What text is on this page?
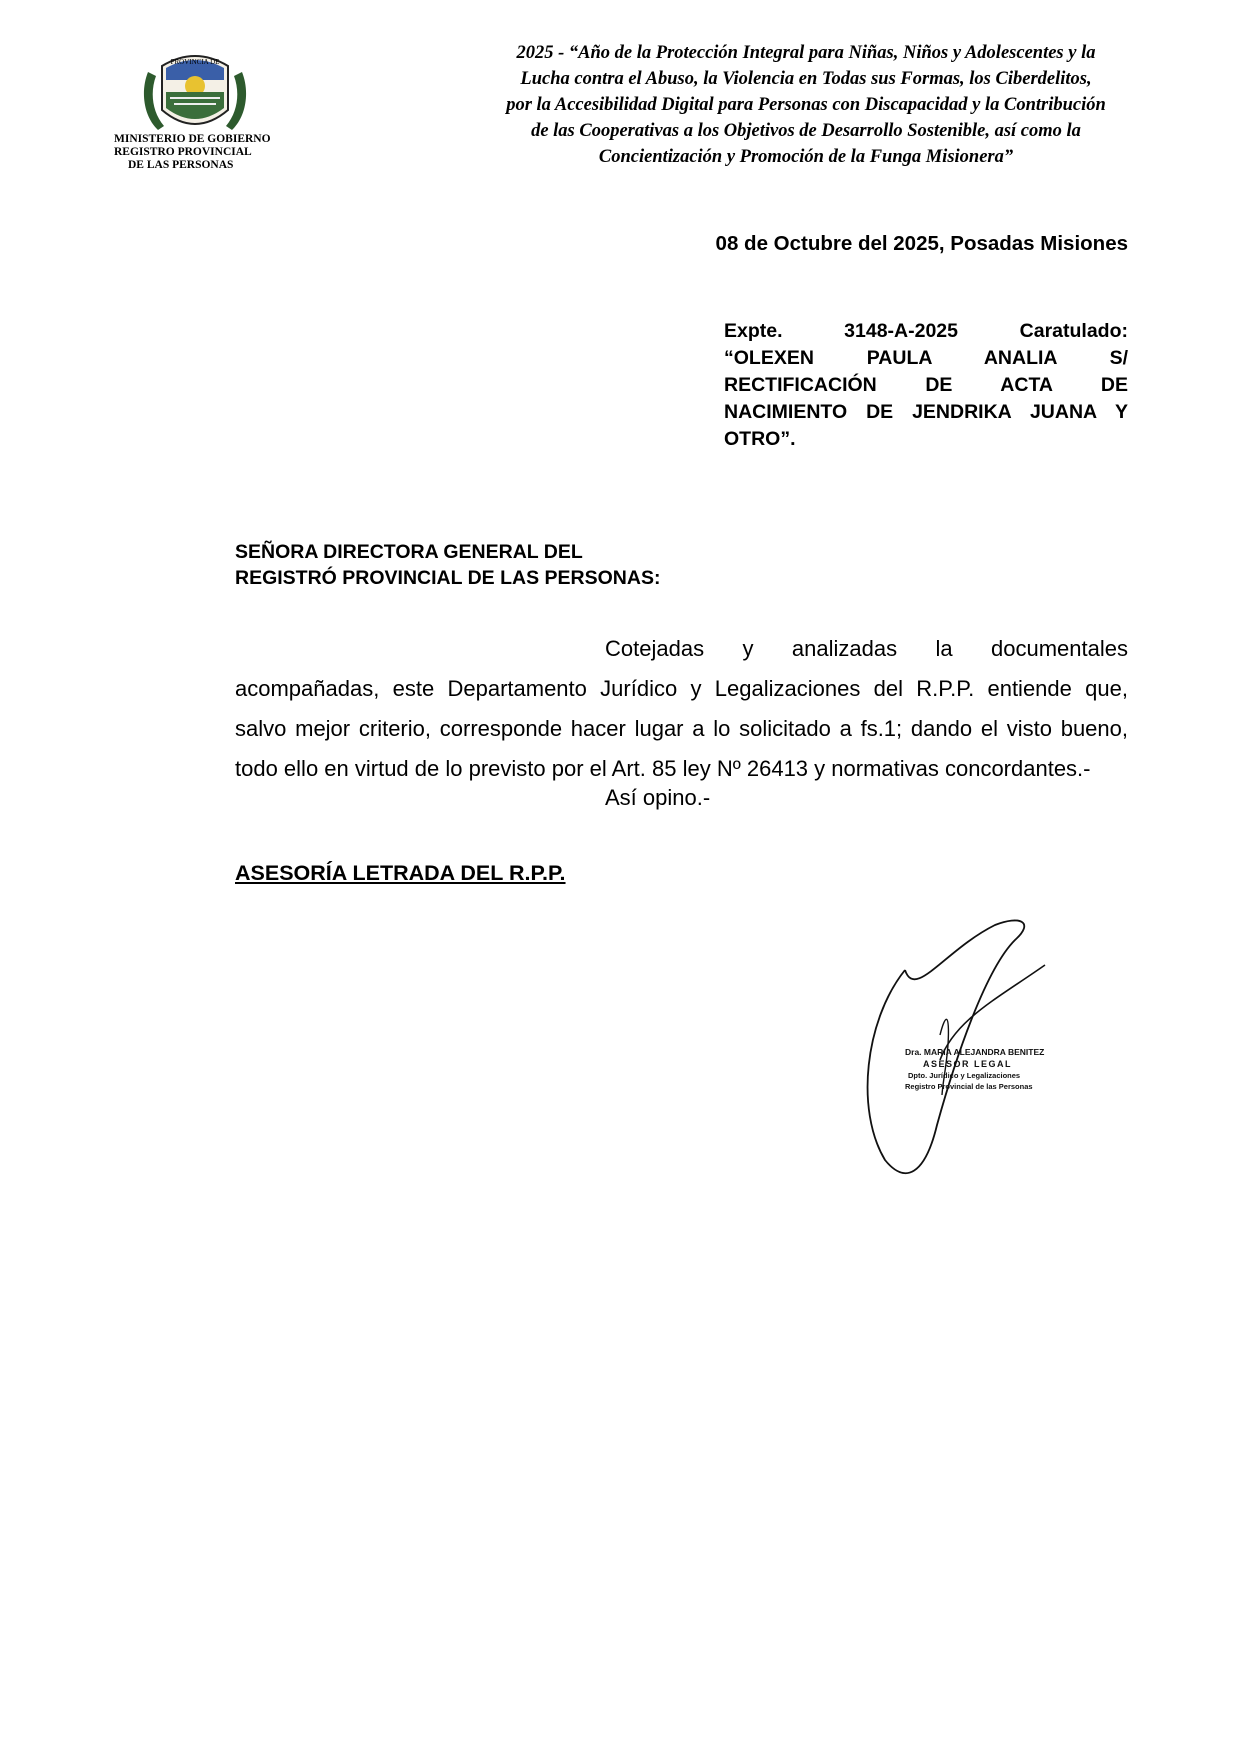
PROVINCIA DE
MINISTERIO DE GOBIERNO
REGISTRO PROVINCIAL
DE LAS PERSONAS
2025 - “Año de la Protección Integral para Niñas, Niños y Adolescentes y la
Lucha contra el Abuso, la Violencia en Todas sus Formas, los Ciberdelitos,
por la Accesibilidad Digital para Personas con Discapacidad y la Contribución
de las Cooperativas a los Objetivos de Desarrollo Sostenible, así como la
Concientización y Promoción de la Funga Misionera”
08 de Octubre del 2025, Posadas Misiones
Expte. 3148-A-2025 Caratulado:
“OLEXEN PAULA ANALIA S/
RECTIFICACIÓN DE ACTA DE
NACIMIENTO DE JENDRIKA JUANA Y
OTRO”.
SEÑORA DIRECTORA GENERAL DEL
REGISTRÓ PROVINCIAL DE LAS PERSONAS:
Cotejadas y analizadas la documentales
acompañadas, este Departamento Jurídico y Legalizaciones del R.P.P. entiende que,
salvo mejor criterio, corresponde hacer lugar a lo solicitado a fs.1; dando el visto bueno,
todo ello en virtud de lo previsto por el Art. 85 ley Nº 26413 y normativas concordantes.-
Así opino.-
ASESORÍA LETRADA DEL R.P.P.
Dra. MARIA ALEJANDRA BENITEZ
ASESOR LEGAL
Dpto. Jurídico y Legalizaciones
Registro Provincial de las Personas
